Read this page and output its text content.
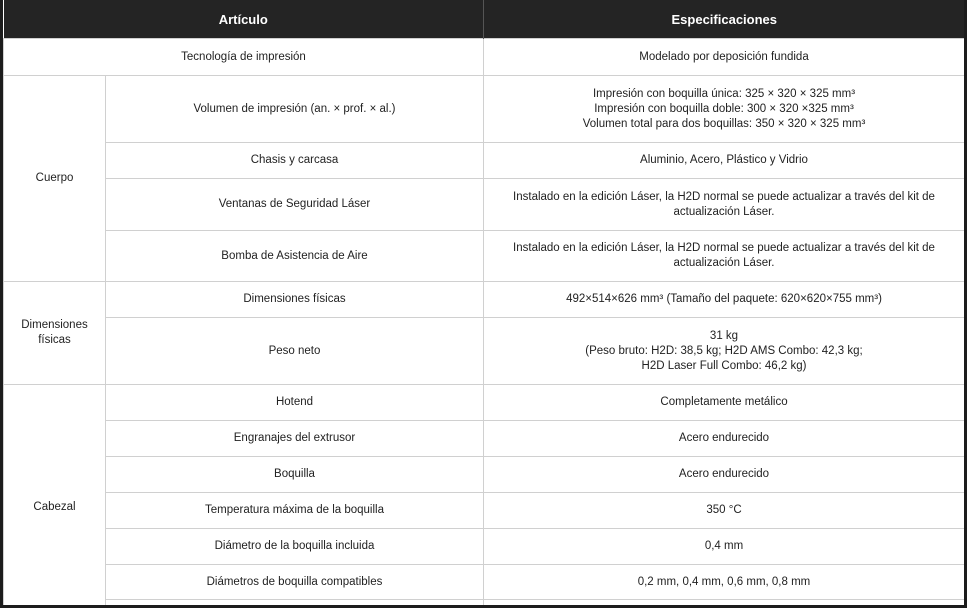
Artículo		Especificaciones
Tecnología de impresión		Modelado por deposición fundida
Cuerpo	Volumen de impresión (an. × prof. × al.)	Impresión con boquilla única: 325 × 320 × 325 mm³
Impresión con boquilla doble: 300 × 320 ×325 mm³
Volumen total para dos boquillas: 350 × 320 × 325 mm³

	Chasis y carcasa	Aluminio, Acero, Plástico y Vidrio
	Ventanas de Seguridad Láser	Instalado en la edición Láser, la H2D normal se puede actualizar a través del kit de
actualización Láser.

	Bomba de Asistencia de Aire	Instalado en la edición Láser, la H2D normal se puede actualizar a través del kit de
actualización Láser.

Dimensiones
físicas	Dimensiones físicas	492×514×626 mm³ (Tamaño del paquete: 620×620×755 mm³)
	Peso neto	31 kg
(Peso bruto: H2D: 38,5 kg; H2D AMS Combo: 42,3 kg;
H2D Laser Full Combo: 46,2 kg)

Cabezal	Hotend	Completamente metálico
	Engranajes del extrusor	Acero endurecido
	Boquilla	Acero endurecido
	Temperatura máxima de la boquilla	350 °C
	Diámetro de la boquilla incluida	0,4 mm
	Diámetros de boquilla compatibles	0,2 mm, 0,4 mm, 0,6 mm, 0,8 mm
